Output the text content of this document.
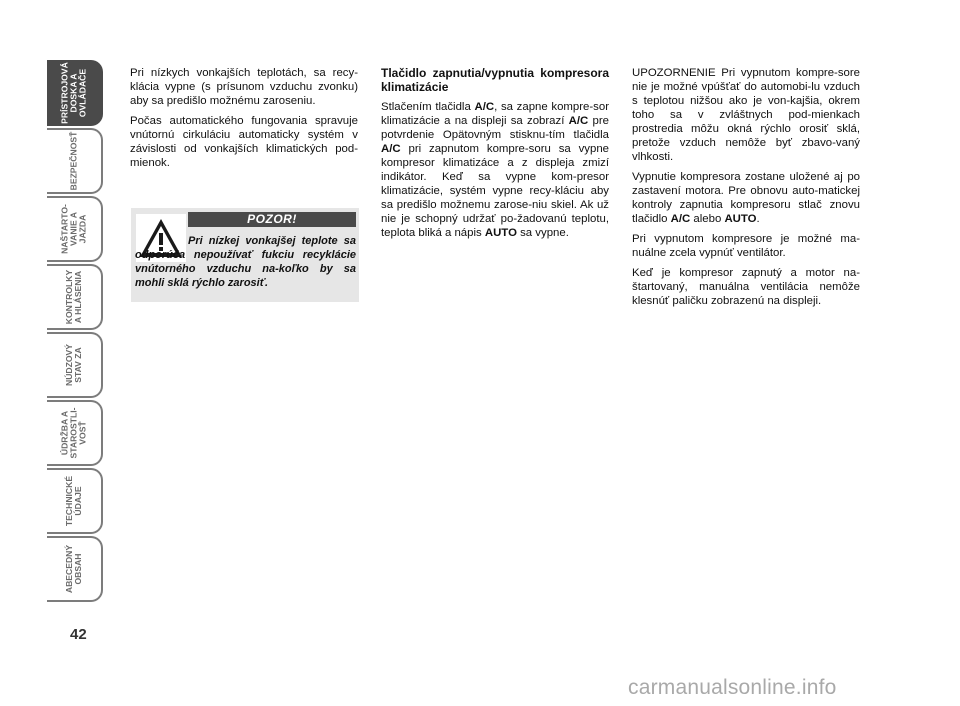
PRÍSTROJOVÁ
DOSKA A
OVLÁDAČE
BEZPEČNOSŤ
NAŠTARTO-
VANIE A
JAZDA
KONTROLKY
A HLÁSENIA
NÚDZOVÝ
STAV ZA
ÚDRŽBA A
STAROSTLI-
VOSŤ
TECHNICKÉ
ÚDAJE
ABECEDNÝ
OBSAH
42

Pri nízkych vonkajších teplotách, sa recy-klácia vypne (s prísunom vzduchu zvonku) aby sa predišlo možnému zaroseniu.

Počas automatického fungovania spravuje vnútornú cirkuláciu automaticky systém v závislosti od vonkajších klimatických pod-mienok.

POZOR!
Pri nízkej vonkajšej teplote sa odporúča nepoužívať fukciu recyklácie vnútorného vzduchu na-koľko by sa mohli sklá rýchlo zarosiť.

Tlačidlo zapnutia/vypnutia kompresora klimatizácie

Stlačením tlačidla A/C, sa zapne kompre-sor klimatizácie a na displeji sa zobrazí A/C pre potvrdenie Opätovným stisknu-tím tlačidla A/C pri zapnutom kompre-soru sa vypne kompresor klimatizáce a z displeja zmizí indikátor. Keď sa vypne kom-presor klimatizácie, systém vypne recy-kláciu aby sa predišlo možnemu zarose-niu skiel. Ak už nie je schopný udržať po-žadovanú teplotu, teplota bliká a nápis AUTO sa vypne.

UPOZORNENIE Pri vypnutom kompre-sore nie je možné vpúšťať do automobi-lu vzduch s teplotou nižšou ako je von-kajšia, okrem toho sa v zvláštnych pod-mienkach prostredia môžu okná rýchlo orosiť sklá, pretože vzduch nemôže byť zbavo-vaný vlhkosti.

Vypnutie kompresora zostane uložené aj po zastavení motora. Pre obnovu auto-matickej kontroly zapnutia kompresoru stlač znovu tlačidlo A/C alebo AUTO.

Pri vypnutom kompresore je možné ma-nuálne zcela vypnúť ventilátor.

Keď je kompresor zapnutý a motor na-štartovaný, manuálna ventilácia nemôže klesnúť paličku zobrazenú na displeji.

carmanualsonline.info
